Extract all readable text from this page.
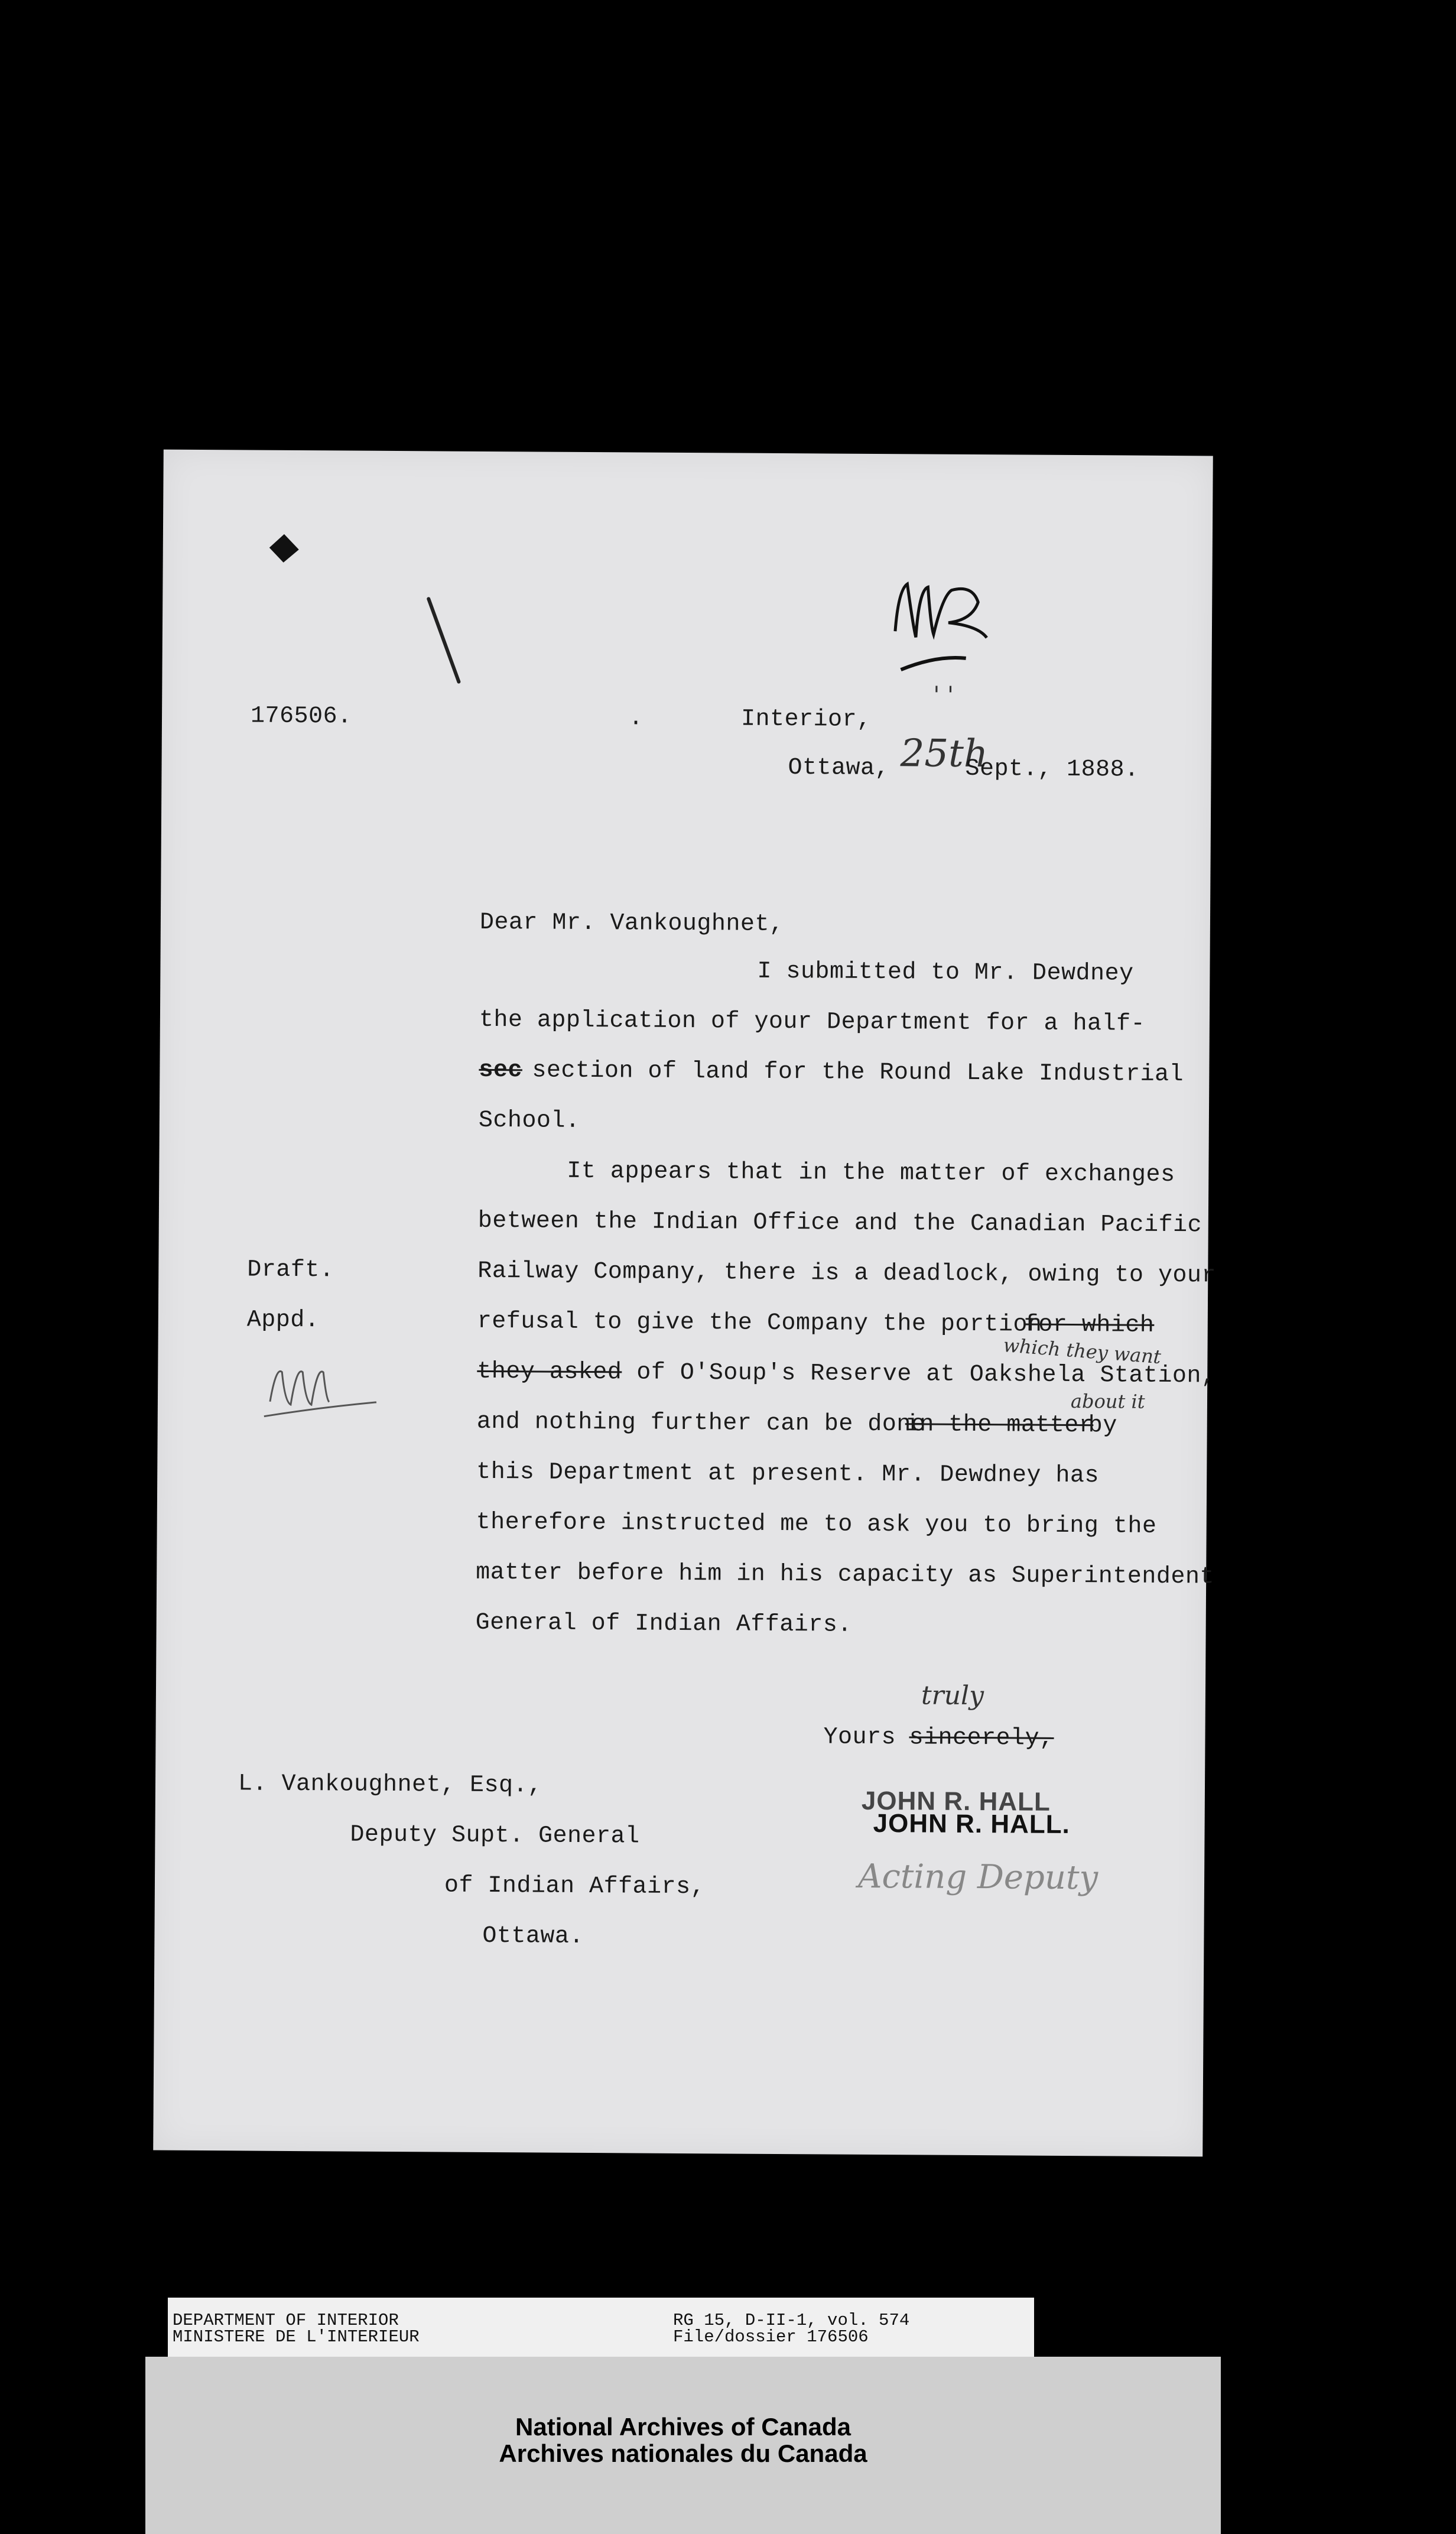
176506.	.	Interior,
' '
Ottawa, 25th
Sept., 1888.
Dear Mr. Vankoughnet,
I submitted to Mr. Dewdney
the application of your Department for a half-
sec section of land for the Round Lake Industrial
School.
It appears that in the matter of exchanges
between the Indian Office and the Canadian Pacific
Draft.	Railway Company, there is a deadlock, owing to your
Appd.	refusal to give the Company the portion
for which
which they want
they asked of O'Soup's Reserve at Oakshela Station,
about it
and nothing further can be done
in the matter
by
this Department at present. Mr. Dewdney has
therefore instructed me to ask you to bring the
matter before him in his capacity as Superintendent
General of Indian Affairs.
truly
Yours sincerely,
L. Vankoughnet, Esq.,
Deputy Supt. General
of Indian Affairs,
Ottawa.
JOHN R. HALL
JOHN R. HALL.
Acting Deputy
DEPARTMENT OF INTERIOR
MINISTERE DE L'INTERIEUR
RG 15, D-II-1, vol. 574
File/dossier 176506
National Archives of Canada
Archives nationales du Canada
